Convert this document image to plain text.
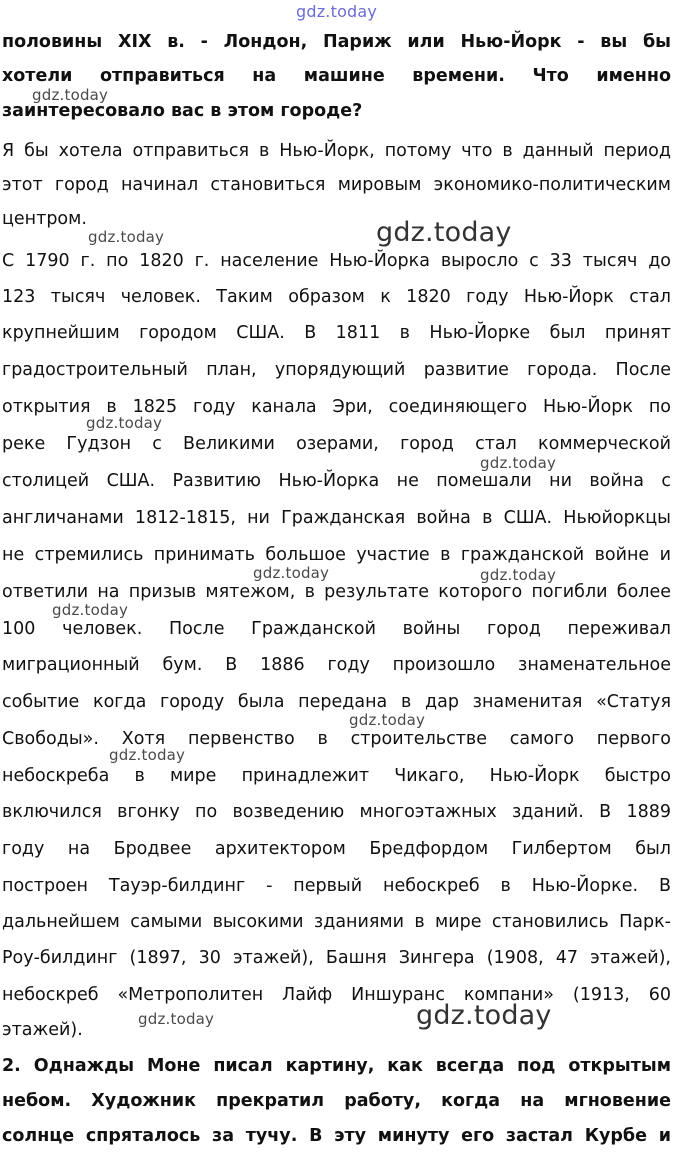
gdz.today
gdz.today
gdz.today	gdz.today
gdz.today
gdz.today
gdz.today	gdz.today
gdz.today
gdz.today
gdz.today
gdz.today	gdz.today
половины XIX в. - Лондон, Париж или Нью-Йорк - вы бы
хотели отправиться на машине времени. Что именно
заинтересовало вас в этом городе?
Я бы хотела отправиться в Нью-Йорк, потому что в данный период
этот город начинал становиться мировым экономико-политическим
центром.
С 1790 г. по 1820 г. население Нью-Йорка выросло с 33 тысяч до
123 тысяч человек. Таким образом к 1820 году Нью-Йорк стал
крупнейшим городом США. В 1811 в Нью-Йорке был принят
градостроительный план, упорядующий развитие города. После
открытия в 1825 году канала Эри, соединяющего Нью-Йорк по
реке Гудзон с Великими озерами, город стал коммерческой
столицей США. Развитию Нью-Йорка не помешали ни война с
англичанами 1812-1815, ни Гражданская война в США. Ньюйоркцы
не стремились принимать большое участие в гражданской войне и
ответили на призыв мятежом, в результате которого погибли более
100 человек. После Гражданской войны город переживал
миграционный бум. В 1886 году произошло знаменательное
событие когда городу была передана в дар знаменитая «Статуя
Свободы». Хотя первенство в строительстве самого первого
небоскреба в мире принадлежит Чикаго, Нью-Йорк быстро
включился вгонку по возведению многоэтажных зданий. В 1889
году на Бродвее архитектором Бредфордом Гилбертом был
построен Тауэр-билдинг - первый небоскреб в Нью-Йорке. В
дальнейшем самыми высокими зданиями в мире становились Парк-
Роу-билдинг (1897, 30 этажей), Башня Зингера (1908, 47 этажей),
небоскреб «Метрополитен Лайф Иншуранс компани» (1913, 60
этажей).
2. Однажды Моне писал картину, как всегда под открытым
небом. Художник прекратил работу, когда на мгновение
солнце спряталось за тучу. В эту минуту его застал Курбе и
